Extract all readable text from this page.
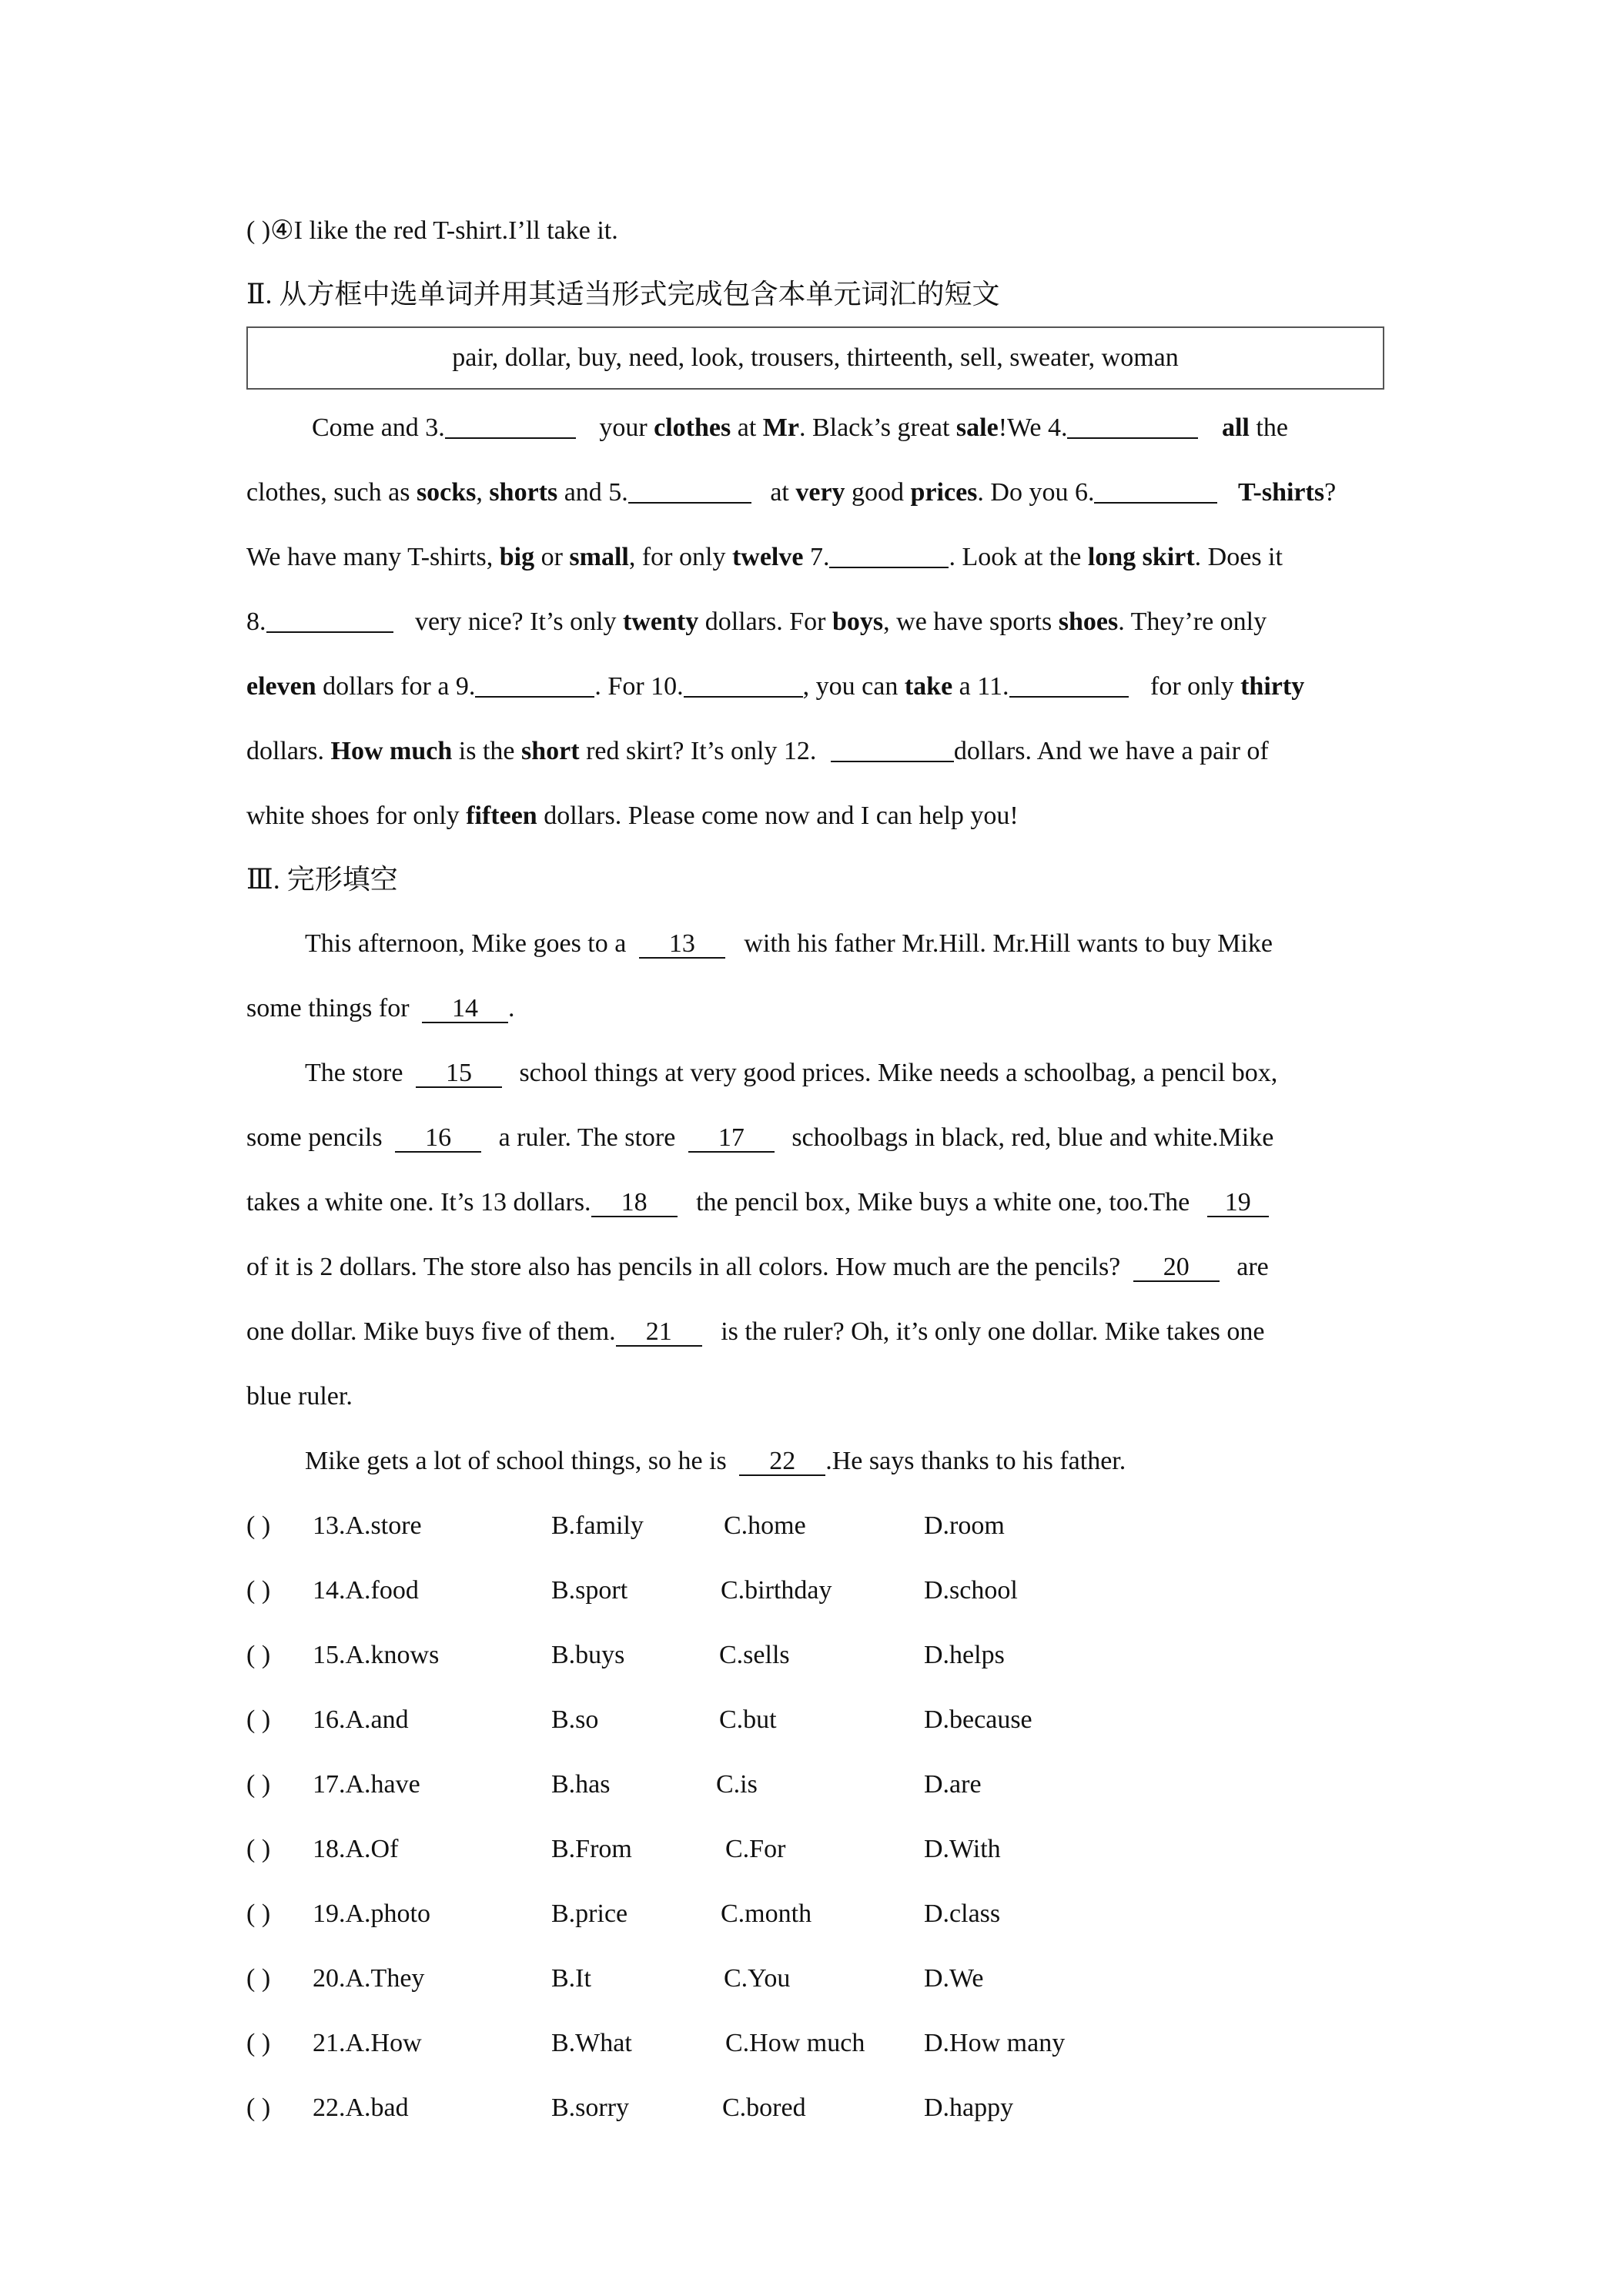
( )④I like the red T-shirt.I’ll take it.
Ⅱ. 从方框中选单词并用其适当形式完成包含本单元词汇的短文
pair, dollar, buy, need, look, trousers, thirteenth, sell, sweater, woman
Come and 3.	your clothes at Mr. Black’s great sale!We 4.	all the
clothes, such as socks, shorts and 5.	at very good prices. Do you 6.	T-shirts?
We have many T-shirts, big or small, for only twelve 7.	. Look at the long skirt. Does it
8.	very nice? It’s only twenty dollars. For boys, we have sports shoes. They’re only
eleven dollars for a 9.	. For 10.	, you can take a 11.	for only thirty
dollars. How much is the short red skirt? It’s only 12.	dollars. And we have a pair of
white shoes for only fifteen dollars. Please come now and I can help you!
Ⅲ. 完形填空
This afternoon, Mike goes to a 13 with his father Mr.Hill. Mr.Hill wants to buy Mike
some things for 14 .
The store 15 school things at very good prices. Mike needs a schoolbag, a pencil box,
some pencils 16 a ruler. The store 17 schoolbags in black, red, blue and white.Mike
takes a white one. It’s 13 dollars. 18 the pencil box, Mike buys a white one, too.The 19
of it is 2 dollars. The store also has pencils in all colors. How much are the pencils? 20 are
one dollar. Mike buys five of them. 21 is the ruler? Oh, it’s only one dollar. Mike takes one
blue ruler.
Mike gets a lot of school things, so he is 22 .He says thanks to his father.
( ) 13.A.store	B.family	C.home	D.room
( ) 14.A.food	B.sport	C.birthday	D.school
( ) 15.A.knows	B.buys	C.sells	D.helps
( ) 16.A.and	B.so	C.but	D.because
( ) 17.A.have	B.has	C.is	D.are
( ) 18.A.Of	B.From	C.For	D.With
( ) 19.A.photo	B.price	C.month	D.class
( ) 20.A.They	B.It	C.You	D.We
( ) 21.A.How	B.What	C.How much D.How many
( ) 22.A.bad	B.sorry	C.bored	D.happy
